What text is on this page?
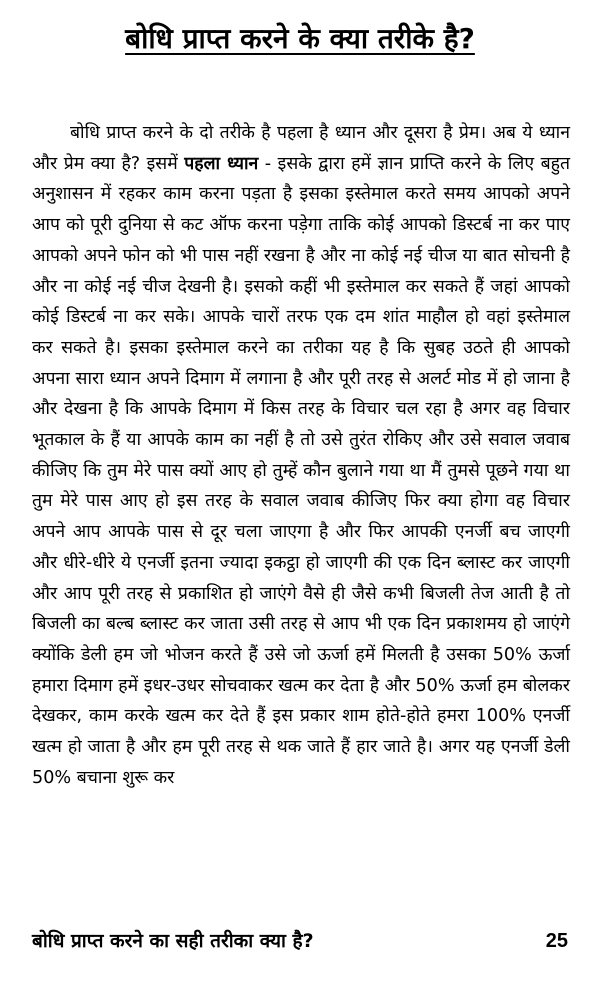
बोधि प्राप्त करने के क्या तरीके है?

बोधि प्राप्त करने के दो तरीके है पहला है ध्यान और दूसरा है प्रेम। अब ये ध्यान और प्रेम क्या है? इसमें पहला ध्यान - इसके द्वारा हमें ज्ञान प्राप्ति करने के लिए बहुत अनुशासन में रहकर काम करना पड़ता है इसका इस्तेमाल करते समय आपको अपने आप को पूरी दुनिया से कट ऑफ करना पड़ेगा ताकि कोई आपको डिस्टर्ब ना कर पाए आपको अपने फोन को भी पास नहीं रखना है और ना कोई नई चीज या बात सोचनी है और ना कोई नई चीज देखनी है। इसको कहीं भी इस्तेमाल कर सकते हैं जहां आपको कोई डिस्टर्ब ना कर सके। आपके चारों तरफ एक दम शांत माहौल हो वहां इस्तेमाल कर सकते है। इसका इस्तेमाल करने का तरीका यह है कि सुबह उठते ही आपको अपना सारा ध्यान अपने दिमाग में लगाना है और पूरी तरह से अलर्ट मोड में हो जाना है और देखना है कि आपके दिमाग में किस तरह के विचार चल रहा है अगर वह विचार भूतकाल के हैं या आपके काम का नहीं है तो उसे तुरंत रोकिए और उसे सवाल जवाब कीजिए कि तुम मेरे पास क्यों आए हो तुम्हें कौन बुलाने गया था मैं तुमसे पूछने गया था तुम मेरे पास आए हो इस तरह के सवाल जवाब कीजिए फिर क्या होगा वह विचार अपने आप आपके पास से दूर चला जाएगा है और फिर आपकी एनर्जी बच जाएगी और धीरे-धीरे ये एनर्जी इतना ज्यादा इकट्ठा हो जाएगी की एक दिन ब्लास्ट कर जाएगी और आप पूरी तरह से प्रकाशित हो जाएंगे वैसे ही जैसे कभी बिजली तेज आती है तो बिजली का बल्ब ब्लास्ट कर जाता उसी तरह से आप भी एक दिन प्रकाशमय हो जाएंगे क्योंकि डेली हम जो भोजन करते हैं उसे जो ऊर्जा हमें मिलती है उसका 50% ऊर्जा हमारा दिमाग हमें इधर-उधर सोचवाकर खत्म कर देता है और 50% ऊर्जा हम बोलकर देखकर, काम करके खत्म कर देते हैं इस प्रकार शाम होते-होते हमरा 100% एनर्जी खत्म हो जाता है और हम पूरी तरह से थक जाते हैं हार जाते है। अगर यह एनर्जी डेली 50% बचाना शुरू कर

बोधि प्राप्त करने का सही तरीका क्या है?	25
